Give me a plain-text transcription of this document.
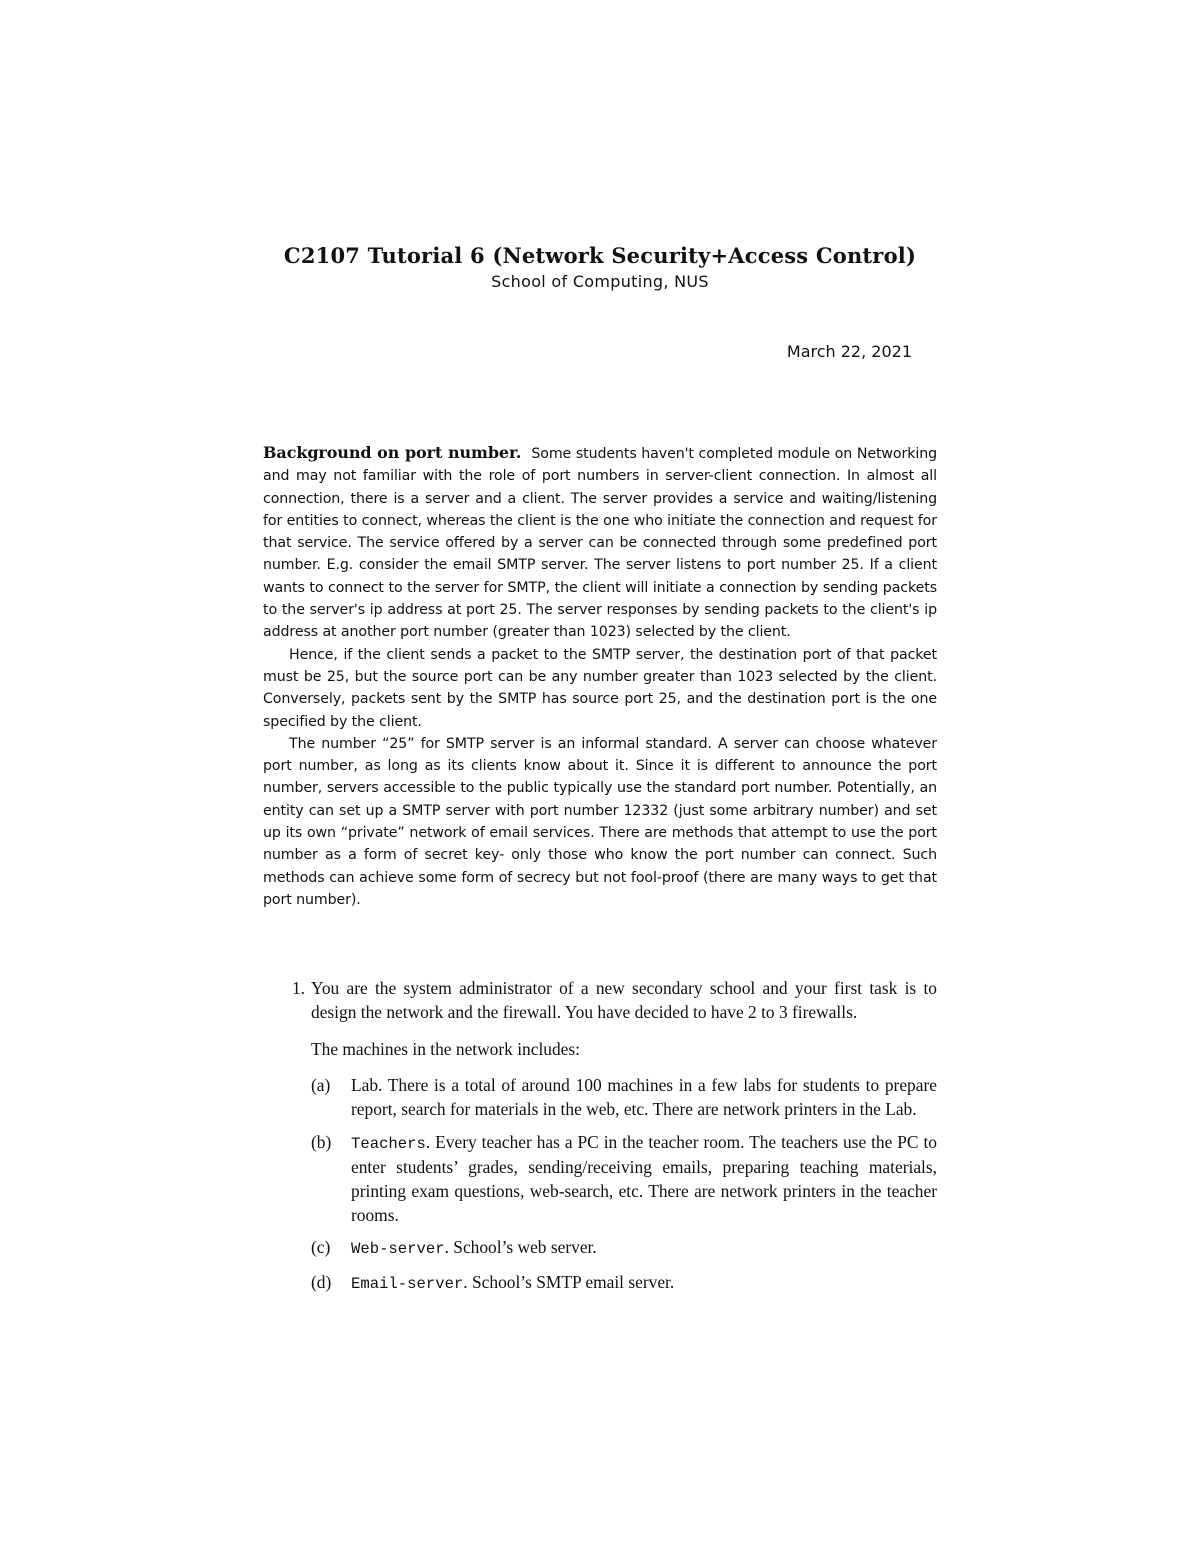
C2107 Tutorial 6 (Network Security+Access Control)
School of Computing, NUS
March 22, 2021

Background on port number. Some students haven't completed module on Networking and may not familiar with the role of port numbers in server-client connection. In almost all connection, there is a server and a client. The server provides a service and waiting/listening for entities to connect, whereas the client is the one who initiate the connection and request for that service. The service offered by a server can be connected through some predefined port number. E.g. consider the email SMTP server. The server listens to port number 25. If a client wants to connect to the server for SMTP, the client will initiate a connection by sending packets to the server's ip address at port 25. The server responses by sending packets to the client's ip address at another port number (greater than 1023) selected by the client.

Hence, if the client sends a packet to the SMTP server, the destination port of that packet must be 25, but the source port can be any number greater than 1023 selected by the client. Conversely, packets sent by the SMTP has source port 25, and the destination port is the one specified by the client.

The number “25” for SMTP server is an informal standard. A server can choose whatever port number, as long as its clients know about it. Since it is different to announce the port number, servers accessible to the public typically use the standard port number. Potentially, an entity can set up a SMTP server with port number 12332 (just some arbitrary number) and set up its own “private” network of email services. There are methods that attempt to use the port number as a form of secret key- only those who know the port number can connect. Such methods can achieve some form of secrecy but not fool-proof (there are many ways to get that port number).

1. You are the system administrator of a new secondary school and your first task is to design the network and the firewall. You have decided to have 2 to 3 firewalls.

The machines in the network includes:

(a)	Lab. There is a total of around 100 machines in a few labs for students to prepare report, search for materials in the web, etc. There are network printers in the Lab.
(b)	Teachers. Every teacher has a PC in the teacher room. The teachers use the PC to enter students’ grades, sending/receiving emails, preparing teaching materials, printing exam questions, web-search, etc. There are network printers in the teacher rooms.
(c)	Web-server. School’s web server.
(d)	Email-server. School’s SMTP email server.
